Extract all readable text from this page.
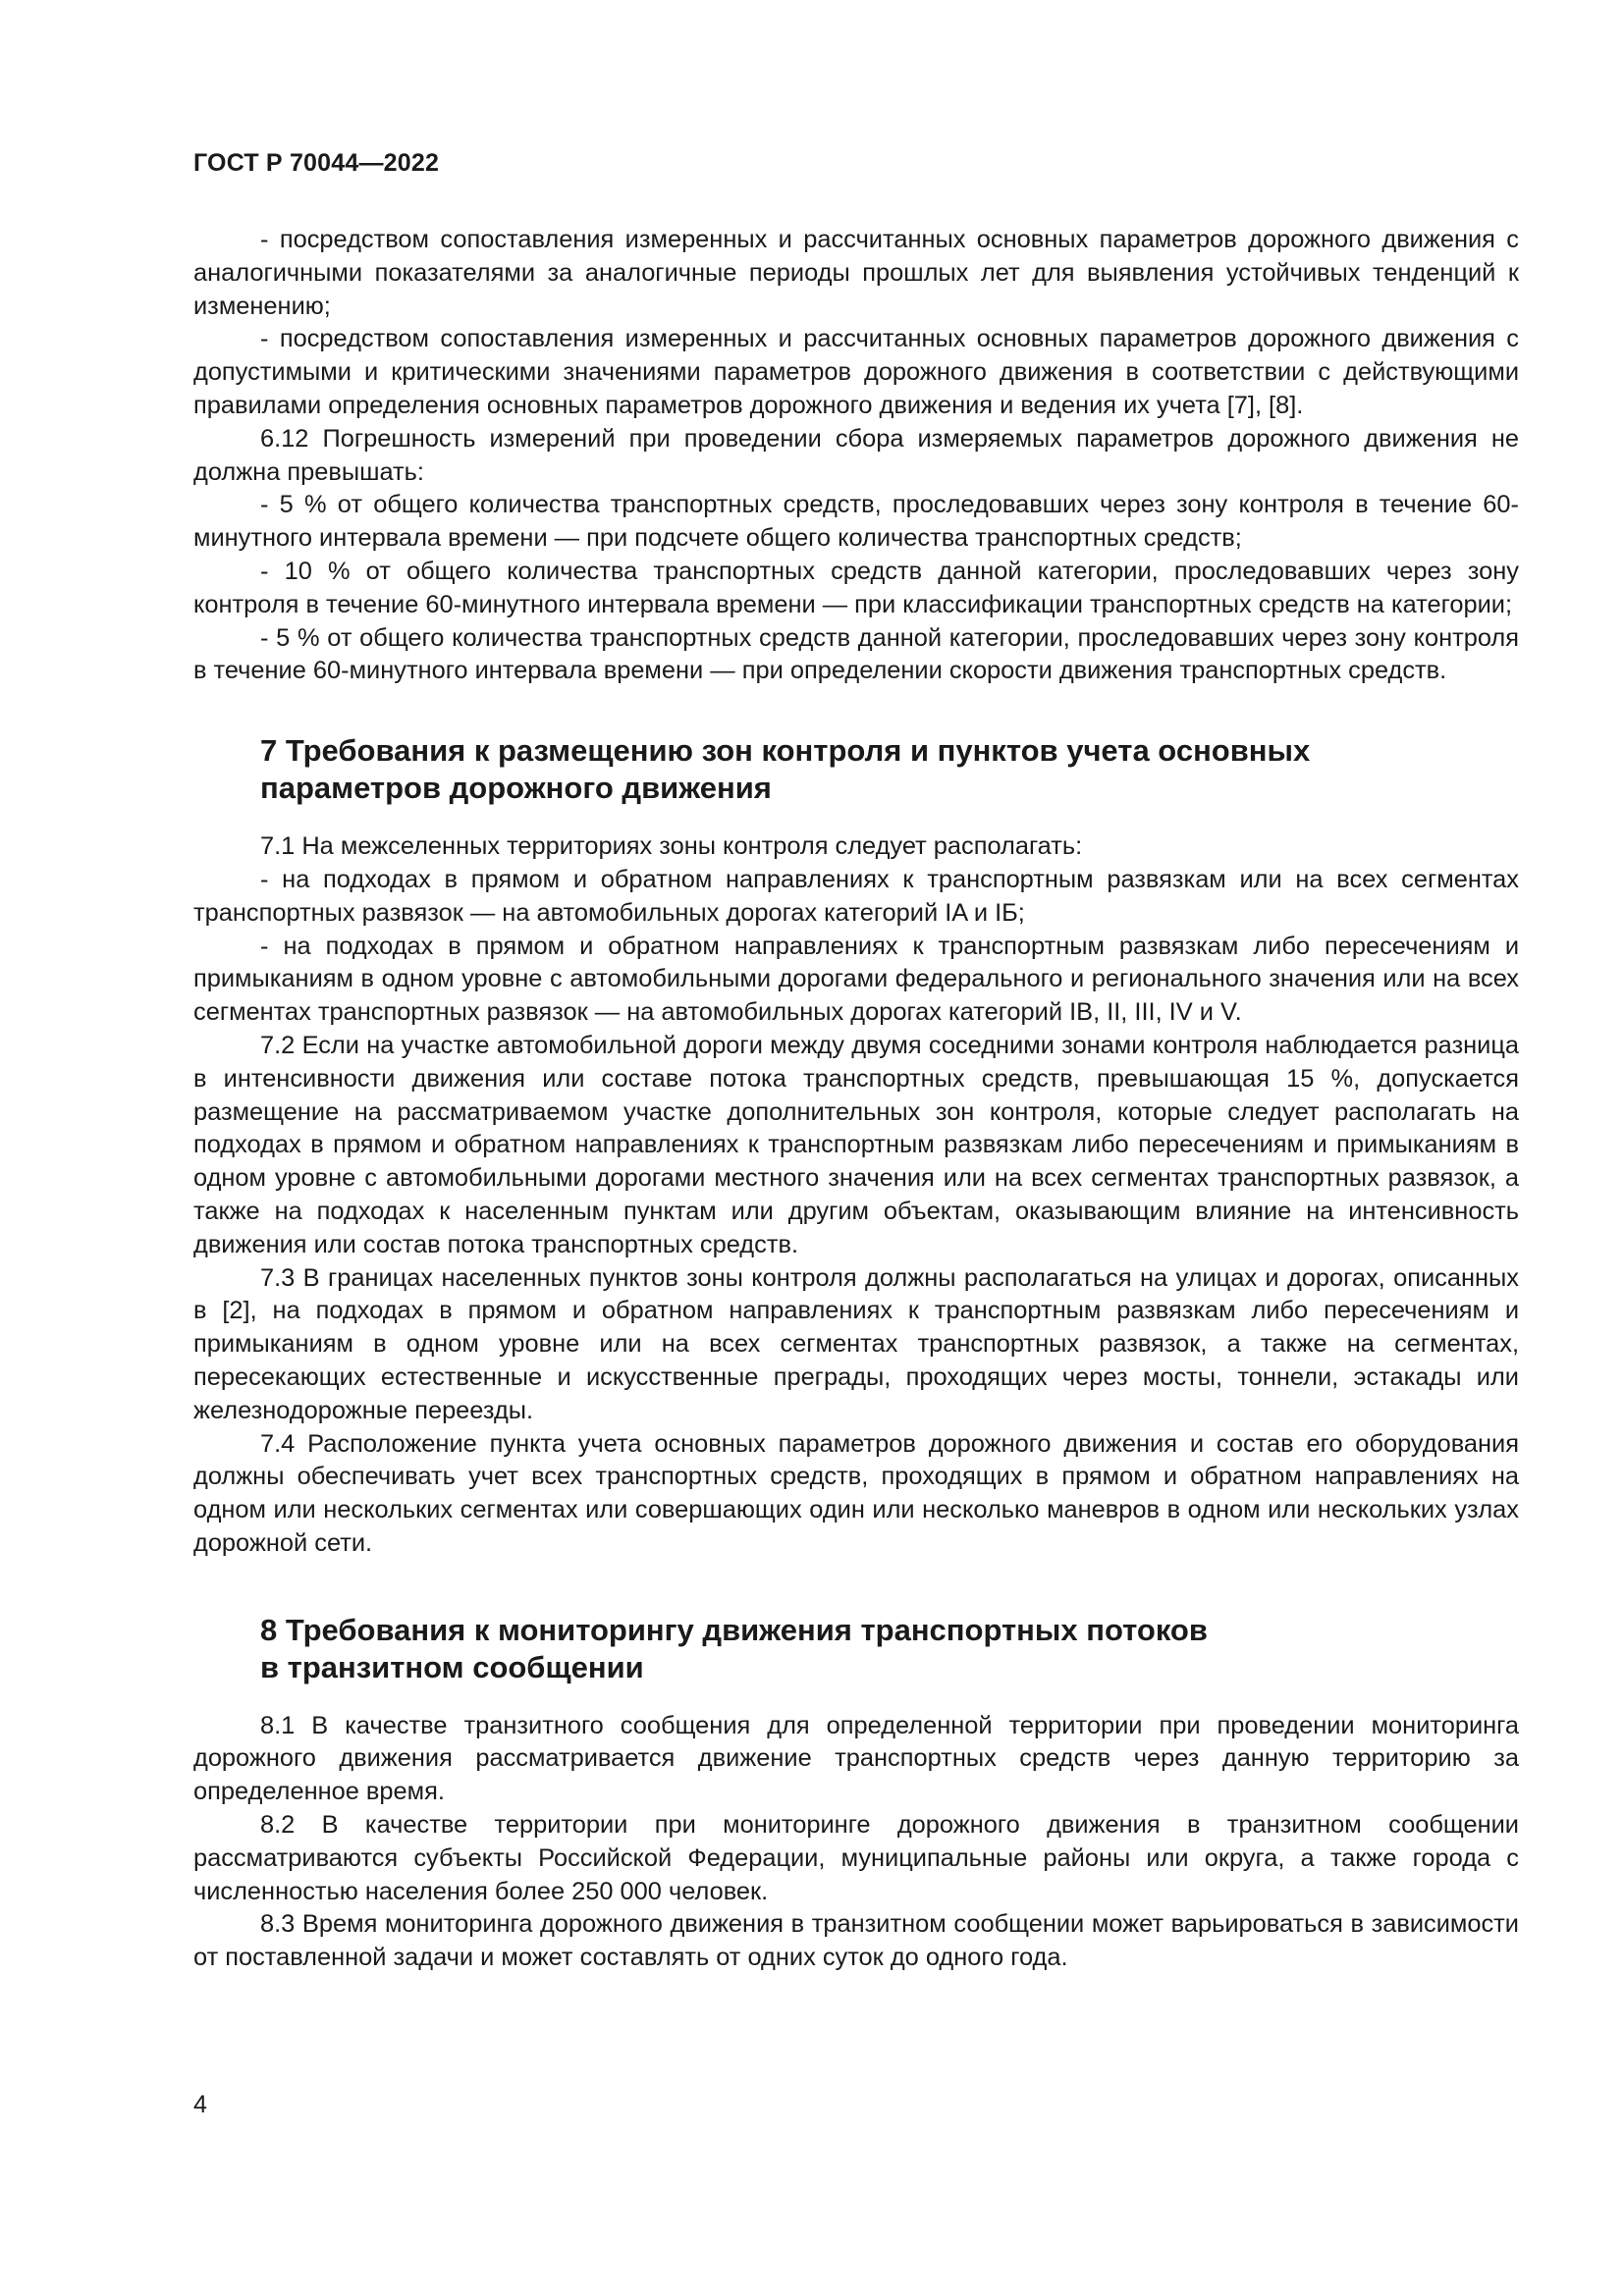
ГОСТ Р 70044—2022

- посредством сопоставления измеренных и рассчитанных основных параметров дорожного движения с аналогичными показателями за аналогичные периоды прошлых лет для выявления устойчивых тенденций к изменению;

- посредством сопоставления измеренных и рассчитанных основных параметров дорожного движения с допустимыми и критическими значениями параметров дорожного движения в соответствии с действующими правилами определения основных параметров дорожного движения и ведения их учета [7], [8].

6.12 Погрешность измерений при проведении сбора измеряемых параметров дорожного движения не должна превышать:

- 5 % от общего количества транспортных средств, проследовавших через зону контроля в течение 60-минутного интервала времени — при подсчете общего количества транспортных средств;

- 10 % от общего количества транспортных средств данной категории, проследовавших через зону контроля в течение 60-минутного интервала времени — при классификации транспортных средств на категории;

- 5 % от общего количества транспортных средств данной категории, проследовавших через зону контроля в течение 60-минутного интервала времени — при определении скорости движения транспортных средств.

7 Требования к размещению зон контроля и пунктов учета основных
параметров дорожного движения

7.1 На межселенных территориях зоны контроля следует располагать:

- на подходах в прямом и обратном направлениях к транспортным развязкам или на всех сегментах транспортных развязок — на автомобильных дорогах категорий IA и IБ;

- на подходах в прямом и обратном направлениях к транспортным развязкам либо пересечениям и примыканиям в одном уровне с автомобильными дорогами федерального и регионального значения или на всех сегментах транспортных развязок — на автомобильных дорогах категорий IB, II, III, IV и V.

7.2 Если на участке автомобильной дороги между двумя соседними зонами контроля наблюдается разница в интенсивности движения или составе потока транспортных средств, превышающая 15 %, допускается размещение на рассматриваемом участке дополнительных зон контроля, которые следует располагать на подходах в прямом и обратном направлениях к транспортным развязкам либо пересечениям и примыканиям в одном уровне с автомобильными дорогами местного значения или на всех сегментах транспортных развязок, а также на подходах к населенным пунктам или другим объектам, оказывающим влияние на интенсивность движения или состав потока транспортных средств.

7.3 В границах населенных пунктов зоны контроля должны располагаться на улицах и дорогах, описанных в [2], на подходах в прямом и обратном направлениях к транспортным развязкам либо пересечениям и примыканиям в одном уровне или на всех сегментах транспортных развязок, а также на сегментах, пересекающих естественные и искусственные преграды, проходящих через мосты, тоннели, эстакады или железнодорожные переезды.

7.4 Расположение пункта учета основных параметров дорожного движения и состав его оборудования должны обеспечивать учет всех транспортных средств, проходящих в прямом и обратном направлениях на одном или нескольких сегментах или совершающих один или несколько маневров в одном или нескольких узлах дорожной сети.

8 Требования к мониторингу движения транспортных потоков
в транзитном сообщении

8.1 В качестве транзитного сообщения для определенной территории при проведении мониторинга дорожного движения рассматривается движение транспортных средств через данную территорию за определенное время.

8.2 В качестве территории при мониторинге дорожного движения в транзитном сообщении рассматриваются субъекты Российской Федерации, муниципальные районы или округа, а также города с численностью населения более 250 000 человек.

8.3 Время мониторинга дорожного движения в транзитном сообщении может варьироваться в зависимости от поставленной задачи и может составлять от одних суток до одного года.

4
